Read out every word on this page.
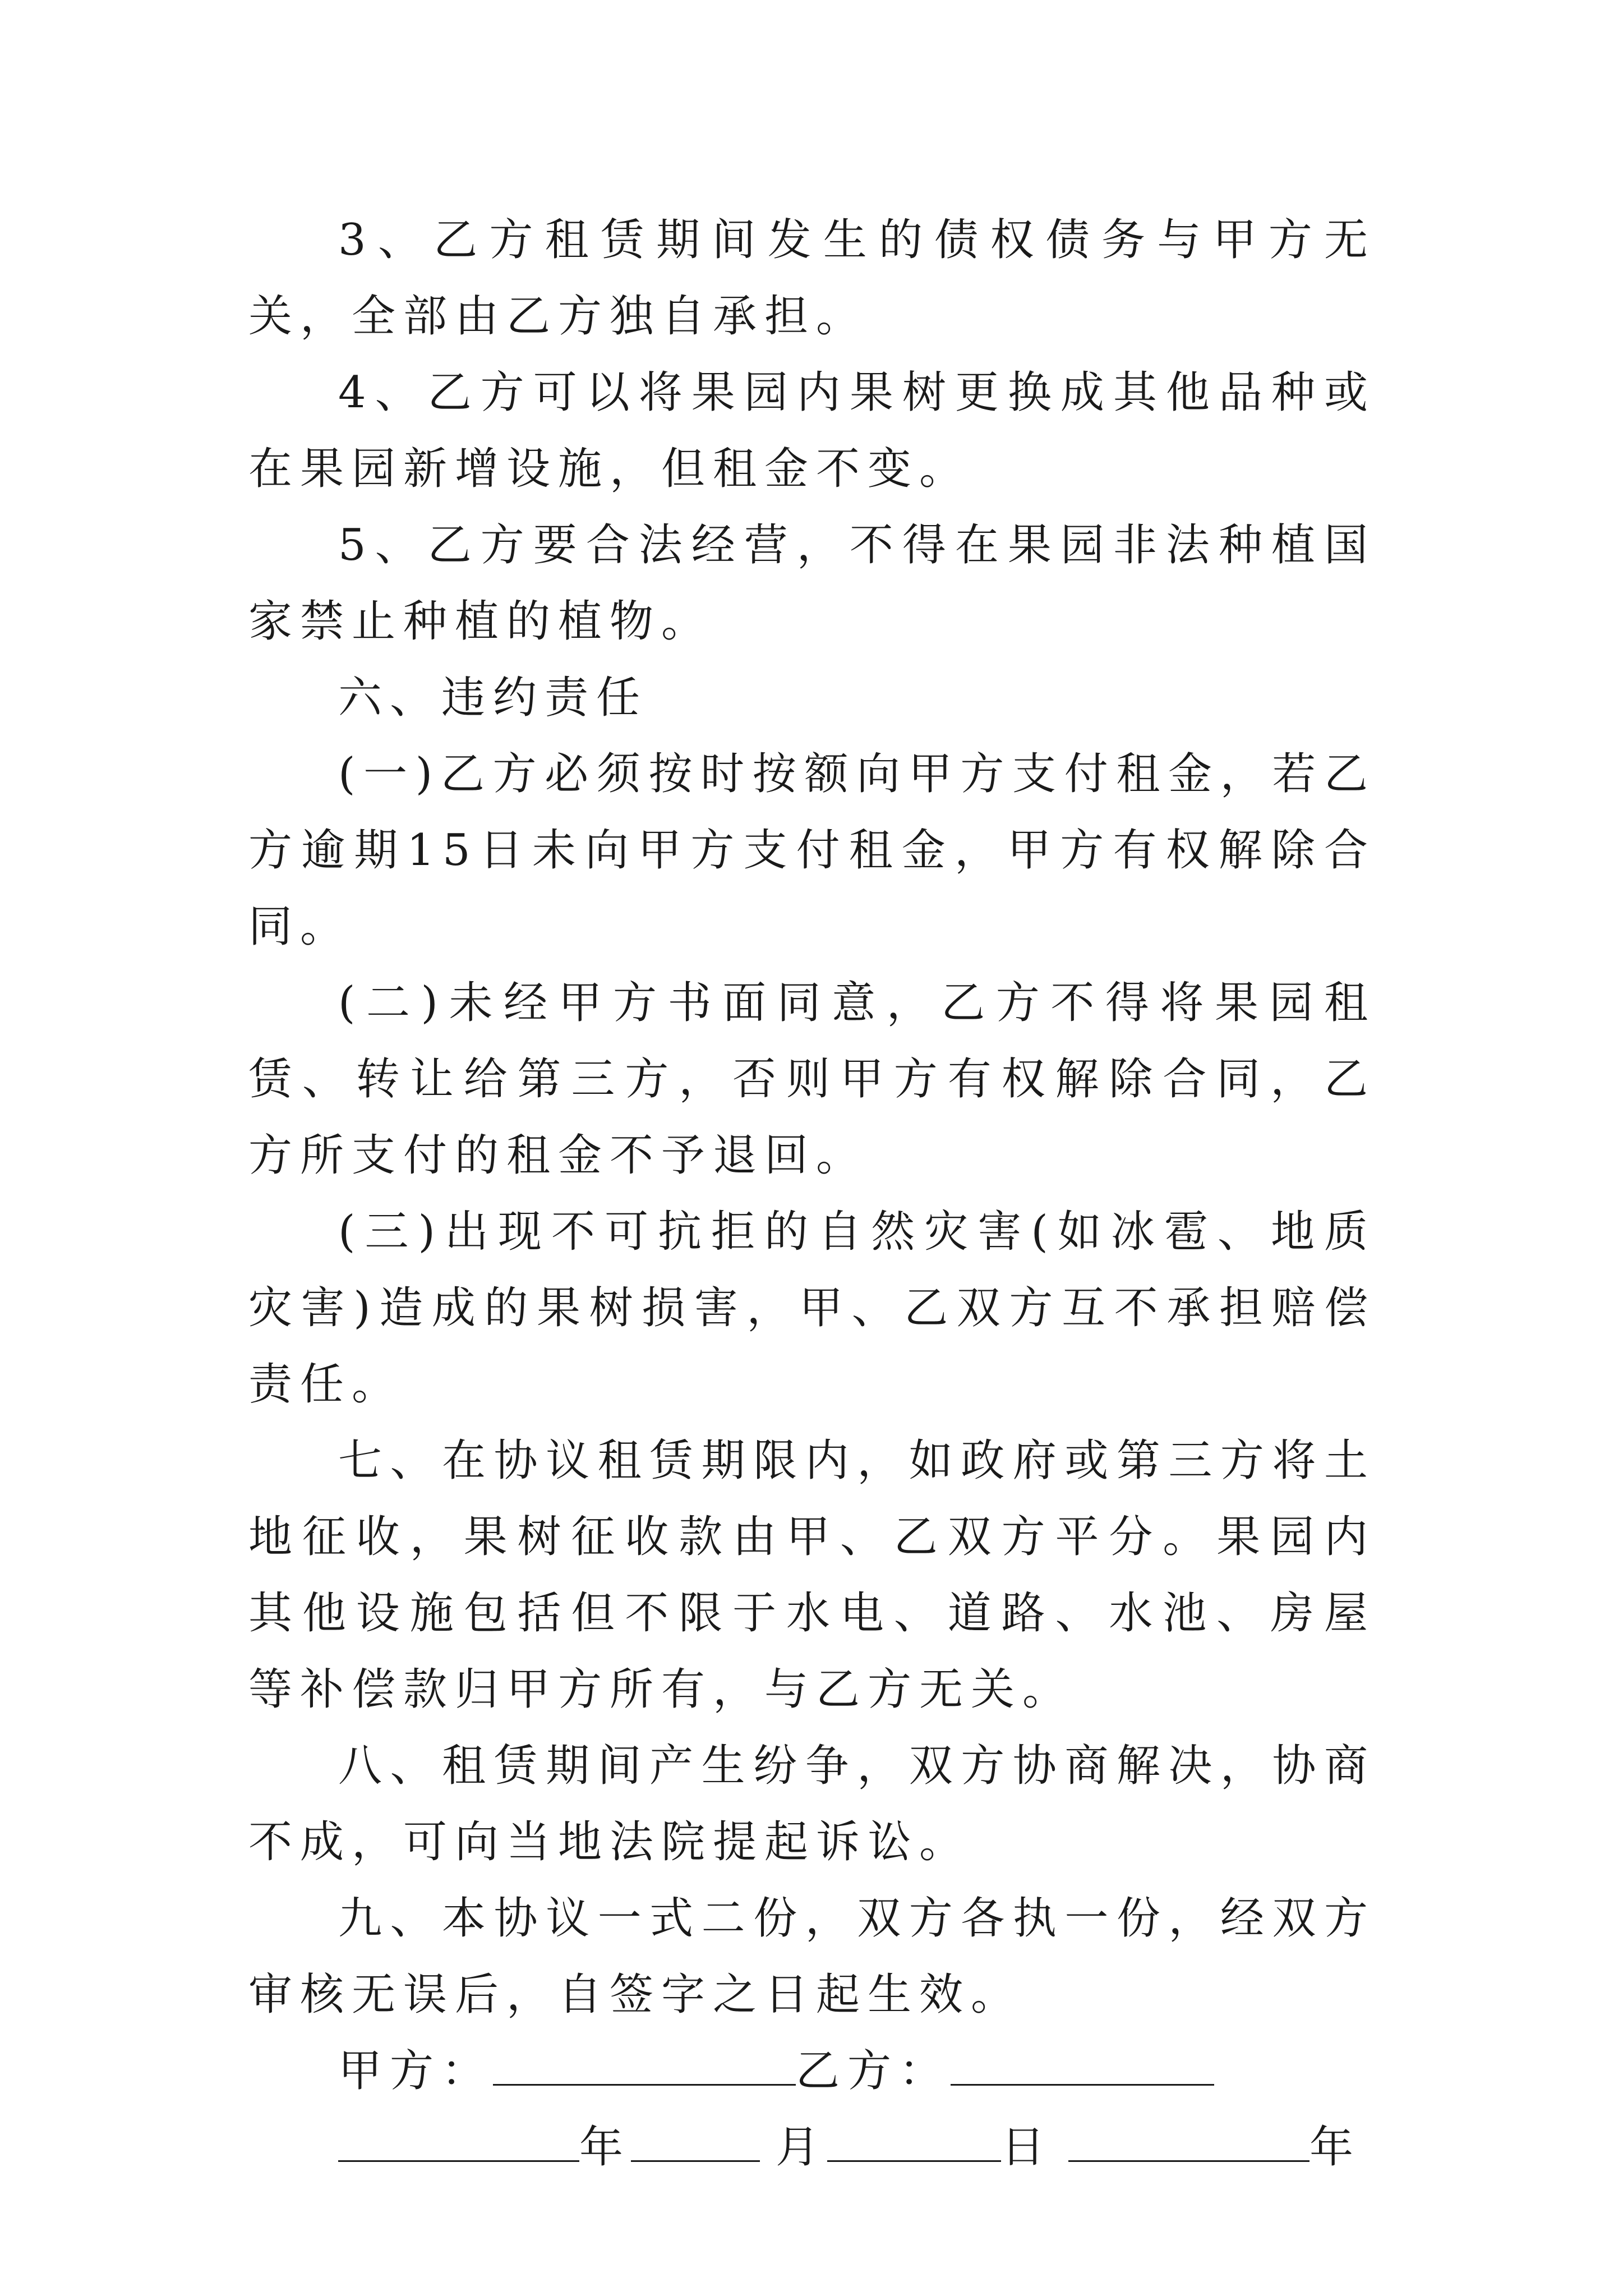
3、乙方租赁期间发生的债权债务与甲方无关，全部由乙方独自承担。

4、乙方可以将果园内果树更换成其他品种或在果园新增设施，但租金不变。

5、乙方要合法经营，不得在果园非法种植国家禁止种植的植物。

六、违约责任

(一)乙方必须按时按额向甲方支付租金，若乙方逾期15日未向甲方支付租金，甲方有权解除合同。

(二)未经甲方书面同意，乙方不得将果园租赁、转让给第三方，否则甲方有权解除合同，乙方所支付的租金不予退回。

(三)出现不可抗拒的自然灾害(如冰雹、地质灾害)造成的果树损害，甲、乙双方互不承担赔偿责任。

七、在协议租赁期限内，如政府或第三方将土地征收，果树征收款由甲、乙双方平分。果园内其他设施包括但不限于水电、道路、水池、房屋等补偿款归甲方所有，与乙方无关。

八、租赁期间产生纷争，双方协商解决，协商不成，可向当地法院提起诉讼。

九、本协议一式二份，双方各执一份，经双方审核无误后，自签字之日起生效。

甲方：	乙方：
年	月	日	年
